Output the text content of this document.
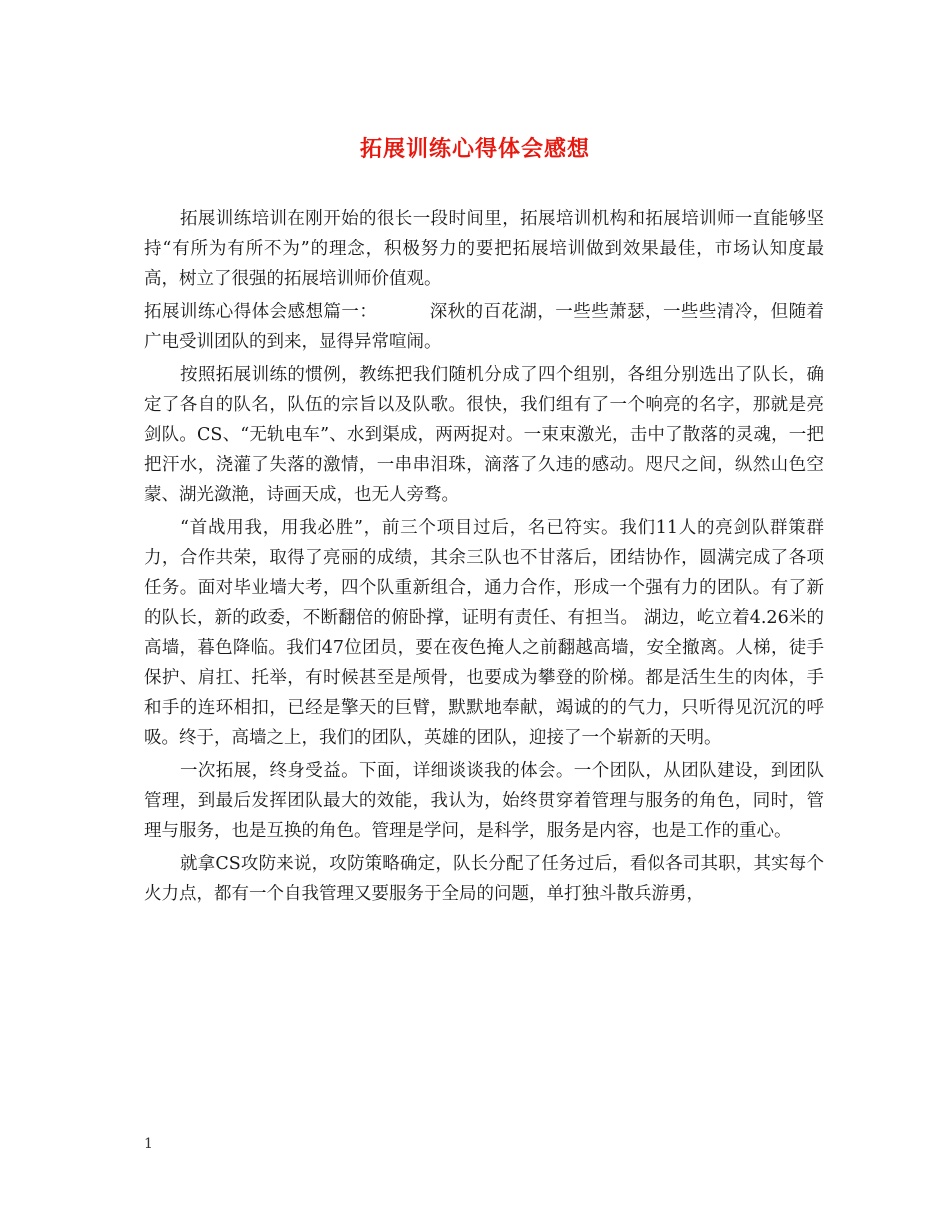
拓展训练心得体会感想

拓展训练培训在刚开始的很长一段时间里，拓展培训机构和拓展培训师一直能够坚持“有所为有所不为”的理念，积极努力的要把拓展培训做到效果最佳，市场认知度最高，树立了很强的拓展培训师价值观。

拓展训练心得体会感想篇一：	深秋的百花湖，一些些萧瑟，一些些清冷，但随着广电受训团队的到来，显得异常喧闹。

按照拓展训练的惯例，教练把我们随机分成了四个组别，各组分别选出了队长，确定了各自的队名，队伍的宗旨以及队歌。很快，我们组有了一个响亮的名字，那就是亮剑队。CS、“无轨电车”、水到渠成，两两捉对。一束束激光，击中了散落的灵魂，一把把汗水，浇灌了失落的激情，一串串泪珠，滴落了久违的感动。咫尺之间，纵然山色空蒙、湖光潋滟，诗画天成，也无人旁骛。

“首战用我，用我必胜”，前三个项目过后，名已符实。我们11人的亮剑队群策群力，合作共荣，取得了亮丽的成绩，其余三队也不甘落后，团结协作，圆满完成了各项任务。面对毕业墙大考，四个队重新组合，通力合作，形成一个强有力的团队。有了新的队长，新的政委，不断翻倍的俯卧撑，证明有责任、有担当。 湖边，屹立着4.26米的高墙，暮色降临。我们47位团员，要在夜色掩人之前翻越高墙，安全撤离。人梯，徒手保护、肩扛、托举，有时候甚至是颅骨，也要成为攀登的阶梯。都是活生生的肉体，手和手的连环相扣，已经是擎天的巨臂，默默地奉献，竭诚的的气力，只听得见沉沉的呼吸。终于，高墙之上，我们的团队，英雄的团队，迎接了一个崭新的天明。

一次拓展，终身受益。下面，详细谈谈我的体会。一个团队，从团队建设，到团队管理，到最后发挥团队最大的效能，我认为，始终贯穿着管理与服务的角色，同时，管理与服务，也是互换的角色。管理是学问，是科学，服务是内容，也是工作的重心。

就拿CS攻防来说，攻防策略确定，队长分配了任务过后，看似各司其职，其实每个火力点，都有一个自我管理又要服务于全局的问题，单打独斗散兵游勇，

1
